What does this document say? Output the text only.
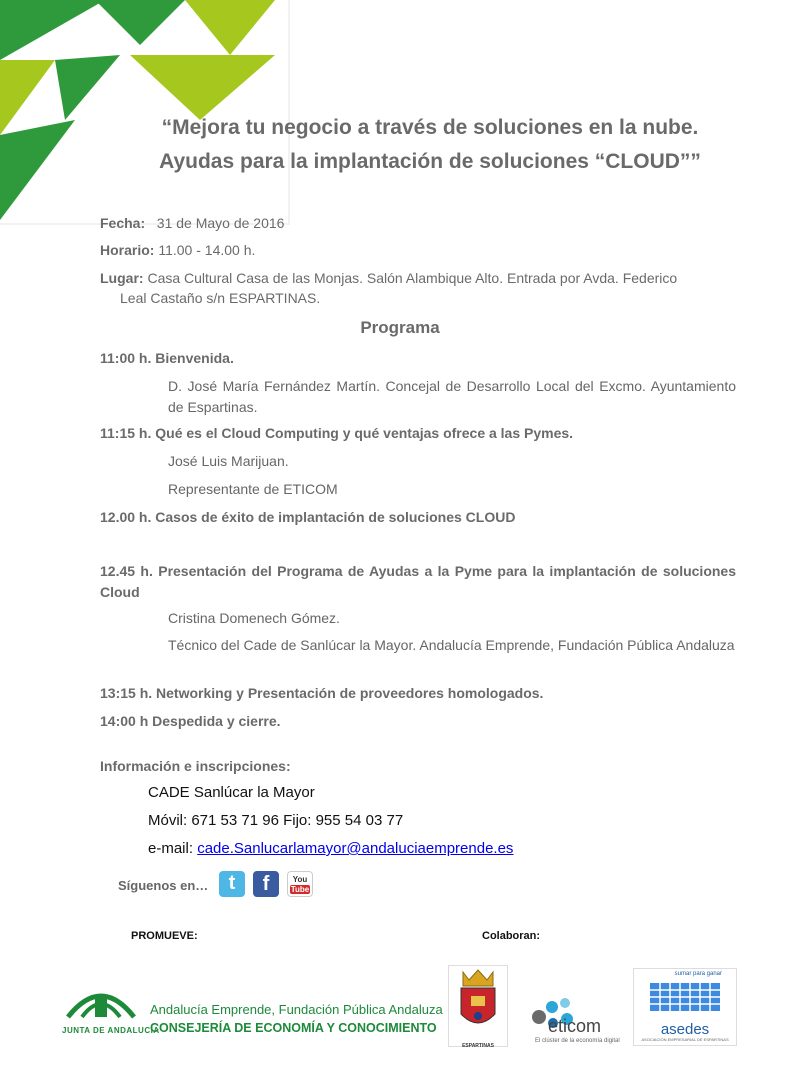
“Mejora tu negocio a través de soluciones en la nube.
Ayudas para la implantación de soluciones “CLOUD””
Fecha: 31 de Mayo de 2016
Horario: 11.00 - 14.00 h.
Lugar: Casa Cultural Casa de las Monjas. Salón Alambique Alto. Entrada por Avda. Federico
Leal Castaño s/n ESPARTINAS.
Programa
11:00 h. Bienvenida.
D. José María Fernández Martín. Concejal de Desarrollo Local del Excmo. Ayuntamiento de Espartinas.
11:15 h. Qué es el Cloud Computing y qué ventajas ofrece a las Pymes.
José Luis Marijuan.
Representante de ETICOM
12.00 h. Casos de éxito de implantación de soluciones CLOUD
12.45 h. Presentación del Programa de Ayudas a la Pyme para la implantación de soluciones Cloud
Cristina Domenech Gómez.
Técnico del Cade de Sanlúcar la Mayor. Andalucía Emprende, Fundación Pública Andaluza
13:15 h. Networking y Presentación de proveedores homologados.
14:00 h Despedida y cierre.
Información e inscripciones:
CADE Sanlúcar la Mayor
Móvil: 671 53 71 96 Fijo: 955 54 03 77
e-mail: cade.Sanlucarlamayor@andaluciaemprende.es
Síguenos en…	t	f	You
Tube
PROMUEVE:	Colaboran:
JUNTA DE ANDALUCIA
Andalucía Emprende, Fundación Pública Andaluza
CONSEJERÍA DE ECONOMÍA Y CONOCIMIENTO
ESPARTINAS
eticom
El clúster de la economía digital
sumar para ganar
asedes
ASOCIACIÓN EMPRESARIAL DE ESPARTINAS
